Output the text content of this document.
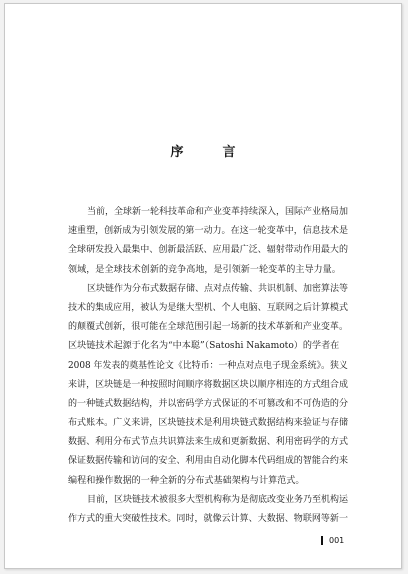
序　言
当前，全球新一轮科技革命和产业变革持续深入，国际产业格局加
速重塑，创新成为引领发展的第一动力。在这一轮变革中，信息技术是
全球研发投入最集中、创新最活跃、应用最广泛、辐射带动作用最大的
领域，是全球技术创新的竞争高地，是引领新一轮变革的主导力量。
区块链作为分布式数据存储、点对点传输、共识机制、加密算法等
技术的集成应用，被认为是继大型机、个人电脑、互联网之后计算模式
的颠覆式创新，很可能在全球范围引起一场新的技术革新和产业变革。
区块链技术起源于化名为“中本聪”（Satoshi Nakamoto）的学者在
2008 年发表的奠基性论文《比特币：一种点对点电子现金系统》。狭义
来讲，区块链是一种按照时间顺序将数据区块以顺序相连的方式组合成
的一种链式数据结构，并以密码学方式保证的不可篡改和不可伪造的分
布式账本。广义来讲，区块链技术是利用块链式数据结构来验证与存储
数据、利用分布式节点共识算法来生成和更新数据、利用密码学的方式
保证数据传输和访问的安全、利用由自动化脚本代码组成的智能合约来
编程和操作数据的一种全新的分布式基础架构与计算范式。
目前，区块链技术被很多大型机构称为是彻底改变业务乃至机构运
作方式的重大突破性技术。同时，就像云计算、大数据、物联网等新一
001
